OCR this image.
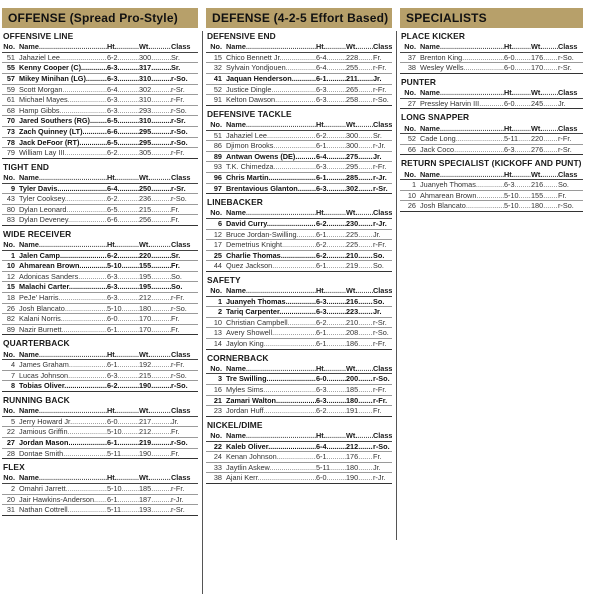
OFFENSE (Spread Pro-Style)
OFFENSIVE LINE
No.	Name .....	Ht. .....	Wt. .....	Class
51	Jahaziel Lee .....	6-2 .....	300 .....	Sr.
55	Kenny Cooper (C) .....	6-3 .....	317 .....	Sr.
57	Mikey Minihan (LG) .....	6-3 .....	310 .....	r-So.
59	Scott Morgan .....	6-4 .....	302 .....	r-Sr.
61	Michael Mayes .....	6-3 .....	310 .....	r-Fr.
68	Hamp Gibbs .....	6-3 .....	293 .....	r-So.
70	Jared Southers (RG) .....	6-5 .....	310 .....	r-Sr.
73	Zach Quinney (LT) .....	6-6 .....	295 .....	r-So.
78	Jack DeFoor (RT) .....	6-5 .....	295 .....	r-So.
79	William Lay III .....	6-2 .....	305 .....	r-Fr.
TIGHT END
No.	Name .....	Ht. .....	Wt. .....	Class
9	Tyler Davis .....	6-4 .....	250 .....	r-Sr.
43	Tyler Cooksey .....	6-2 .....	236 .....	r-So.
80	Dylan Leonard .....	6-5 .....	215 .....	Fr.
83	Dylan Deveney .....	6-6 .....	256 .....	Fr.
WIDE RECEIVER
No.	Name .....	Ht. .....	Wt. .....	Class
1	Jalen Camp .....	6-2 .....	220 .....	Sr.
10	Ahmarean Brown .....	5-10 .....	155 .....	Fr.
12	Adonicas Sanders .....	6-3 .....	195 .....	So.
15	Malachi Carter .....	6-3 .....	195 .....	So.
18	PeJe' Harris .....	6-3 .....	212 .....	r-Fr.
26	Josh Blancato .....	5-10 .....	180 .....	r-So.
82	Kalani Norris .....	6-0 .....	170 .....	Fr.
89	Nazir Burnett .....	6-1 .....	170 .....	Fr.
QUARTERBACK
No.	Name .....	Ht. .....	Wt. .....	Class
4	James Graham .....	6-1 .....	192 .....	r-Fr.
7	Lucas Johnson .....	6-3 .....	215 .....	r-So.
8	Tobias Oliver .....	6-2 .....	190 .....	r-So.
RUNNING BACK
No.	Name .....	Ht. .....	Wt. .....	Class
5	Jerry Howard Jr. .....	6-0 .....	217 .....	Jr.
22	Jamious Griffin .....	5-10 .....	212 .....	Fr.
27	Jordan Mason .....	6-1 .....	219 .....	r-So.
28	Dontae Smith .....	5-11 .....	190 .....	Fr.
FLEX
No.	Name .....	Ht. .....	Wt. .....	Class
2	Omahri Jarrett .....	5-10 .....	185 .....	r-Fr.
20	Jair Hawkins-Anderson .....	6-1 .....	187 .....	r-Jr.
31	Nathan Cottrell .....	5-11 .....	193 .....	r-Sr.
DEFENSE (4-2-5 Effort Based)
DEFENSIVE END
No.	Name .....	Ht. .....	Wt. .....	Class
15	Chico Bennett Jr. .....	6-4 .....	228 .....	Fr.
32	Sylvain Yondjouen .....	6-4 .....	255 .....	r-Fr.
41	Jaquan Henderson .....	6-1 .....	211 .....	Jr.
52	Justice Dingle .....	6-3 .....	265 .....	r-Fr.
91	Kelton Dawson .....	6-3 .....	258 .....	r-So.
DEFENSIVE TACKLE
No.	Name .....	Ht. .....	Wt. .....	Class
51	Jahaziel Lee .....	6-2 .....	300 .....	Sr.
86	Djimon Brooks .....	6-1 .....	300 .....	r-Jr.
89	Antwan Owens (DE) .....	6-4 .....	275 .....	Jr.
93	T.K. Chimedza .....	6-3 .....	295 .....	r-Fr.
96	Chris Martin .....	6-1 .....	285 .....	r-Jr.
97	Brentavious Glanton .....	6-3 .....	302 .....	r-Sr.
LINEBACKER
No.	Name .....	Ht. .....	Wt. .....	Class
6	David Curry .....	6-2 .....	230 .....	r-Jr.
12	Bruce Jordan-Swilling .....	6-1 .....	225 .....	Jr.
17	Demetrius Knight .....	6-2 .....	225 .....	r-Fr.
25	Charlie Thomas .....	6-2 .....	210 .....	So.
44	Quez Jackson .....	6-1 .....	219 .....	So.
SAFETY
No.	Name .....	Ht. .....	Wt. .....	Class
1	Juanyeh Thomas .....	6-3 .....	216 .....	So.
2	Tariq Carpenter .....	6-3 .....	223 .....	Jr.
10	Christian Campbell .....	6-2 .....	210 .....	r-Sr.
13	Avery Showell .....	6-1 .....	208 .....	r-So.
14	Jaylon King .....	6-1 .....	186 .....	r-Fr.
CORNERBACK
No.	Name .....	Ht. .....	Wt. .....	Class
3	Tre Swilling .....	6-0 .....	200 .....	r-So.
16	Myles Sims .....	6-3 .....	185 .....	r-Fr.
21	Zamari Walton .....	6-3 .....	180 .....	r-Fr.
23	Jordan Huff .....	6-2 .....	191 .....	Fr.
NICKEL/DIME
No.	Name .....	Ht. .....	Wt. .....	Class
22	Kaleb Oliver .....	6-4 .....	212 .....	r-So.
24	Kenan Johnson .....	6-1 .....	176 .....	Fr.
33	Jaytlin Askew .....	5-11 .....	180 .....	Jr.
38	Ajani Kerr .....	6-0 .....	190 .....	r-Jr.
SPECIALISTS
PLACE KICKER
No.	Name .....	Ht. .....	Wt. .....	Class
37	Brenton King .....	6-0 .....	176 .....	r-So.
38	Wesley Wells .....	6-0 .....	170 .....	r-Sr.
PUNTER
No.	Name .....	Ht. .....	Wt. .....	Class
27	Pressley Harvin III .....	6-0 .....	245 .....	Jr.
LONG SNAPPER
No.	Name .....	Ht. .....	Wt. .....	Class
52	Cade Long .....	5-11 .....	220 .....	r-Fr.
66	Jack Coco .....	6-3 .....	276 .....	r-Sr.
RETURN SPECIALIST (KICKOFF AND PUNT)
No.	Name .....	Ht. .....	Wt. .....	Class
1	Juanyeh Thomas .....	6-3 .....	216 .....	So.
10	Ahmarean Brown .....	5-10 .....	155 .....	Fr.
26	Josh Blancato .....	5-10 .....	180 .....	r-So.
